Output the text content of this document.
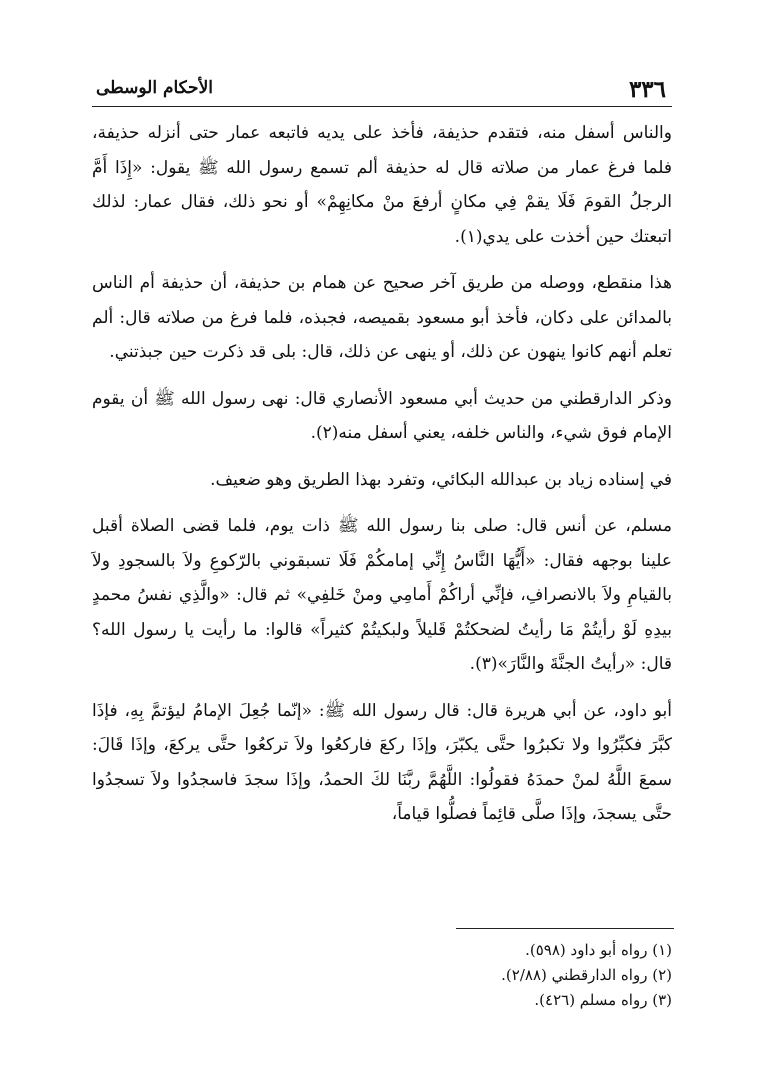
٣٣٦
الأحكام الوسطى

والناس أسفل منه، فتقدم حذيفة، فأخذ على يديه فاتبعه عمار حتى أنزله حذيفة، فلما فرغ عمار من صلاته قال له حذيفة ألم تسمع رسول الله ﷺ يقول: «إِذَا أَمَّ الرجلُ القومَ فَلَا يقمْ فِي مكانٍ أرفعَ منْ مكانِهِمْ» أو نحو ذلك، فقال عمار: لذلك اتبعتك حين أخذت على يدي(١).

هذا منقطع، ووصله من طريق آخر صحيح عن همام بن حذيفة، أن حذيفة أم الناس بالمدائن على دكان، فأخذ أبو مسعود بقميصه، فجبذه، فلما فرغ من صلاته قال: ألم تعلم أنهم كانوا ينهون عن ذلك، أو ينهى عن ذلك، قال: بلى قد ذكرت حين جبذتني.

وذكر الدارقطني من حديث أبي مسعود الأنصاري قال: نهى رسول الله ﷺ أن يقوم الإمام فوق شيء، والناس خلفه، يعني أسفل منه(٢).

في إسناده زياد بن عبدالله البكائي، وتفرد بهذا الطريق وهو ضعيف.

مسلم، عن أنس قال: صلى بنا رسول الله ﷺ ذات يوم، فلما قضى الصلاة أقبل علينا بوجهه فقال: «أَيُّهَا النَّاسُ إِنِّي إمامكُمْ فَلَا تسبقوني بالرّكوعِ ولاَ بالسجودِ ولاَ بالقيامِ ولاَ بالانصرافِ، فإنِّي أراكُمْ أَمامِي ومنْ خَلفِي» ثم قال: «والَّذِي نفسُ محمدٍ بيدِهِ لَوْ رأيتُمْ مَا رأيتُ لضحكتُمْ قَليلاً ولبكيتُمْ كثيراً» قالوا: ما رأيت يا رسول الله؟ قال: «رأيتُ الجنَّةَ والنَّارَ»(٣).

أبو داود، عن أبي هريرة قال: قال رسول الله ﷺ: «إنّما جُعِلَ الإمامُ ليؤتمَّ بِهِ، فإذَا كبَّرَ فكبِّرُوا ولا تكبرُوا حتَّى يكبّرَ، وإذَا ركعَ فاركعُوا ولاَ تركعُوا حتَّى يركعَ، وإذَا قَالَ: سمعَ اللَّهُ لمنْ حمدَهُ فقولُوا: اللَّهُمَّ ربَّنَا لكَ الحمدُ، وإذَا سجدَ فاسجدُوا ولاَ تسجدُوا حتَّى يسجدَ، وإذَا صلَّى قائِماً فصلُّوا قياماً،

(١) رواه أبو داود (٥٩٨).

(٢) رواه الدارقطني (٢/٨٨).

(٣) رواه مسلم (٤٢٦).
